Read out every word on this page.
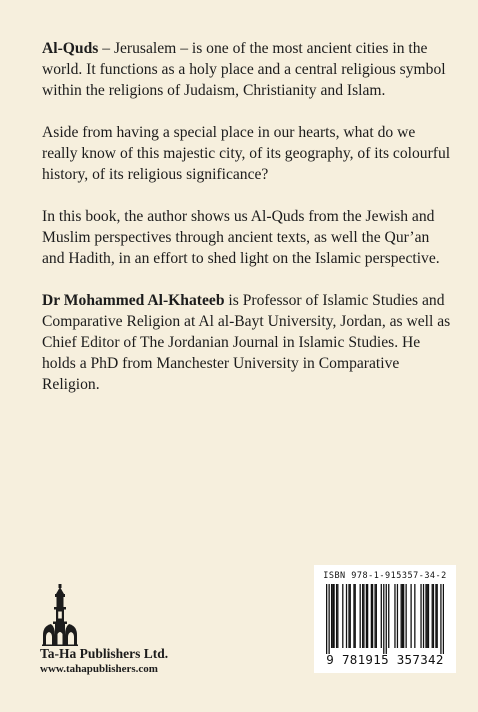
Al-Quds – Jerusalem – is one of the most ancient cities in the world. It functions as a holy place and a central religious symbol within the religions of Judaism, Christianity and Islam.

Aside from having a special place in our hearts, what do we really know of this majestic city, of its geography, of its colourful history, of its religious significance?

In this book, the author shows us Al-Quds from the Jewish and Muslim perspectives through ancient texts, as well the Qur’an and Hadith, in an effort to shed light on the Islamic perspective.

Dr Mohammed Al-Khateeb is Professor of Islamic Studies and Comparative Religion at Al al-Bayt University, Jordan, as well as Chief Editor of The Jordanian Journal in Islamic Studies. He holds a PhD from Manchester University in Comparative Religion.

Ta-Ha Publishers Ltd.
www.tahapublishers.com
ISBN 978-1-915357-34-2
9 781915 357342
